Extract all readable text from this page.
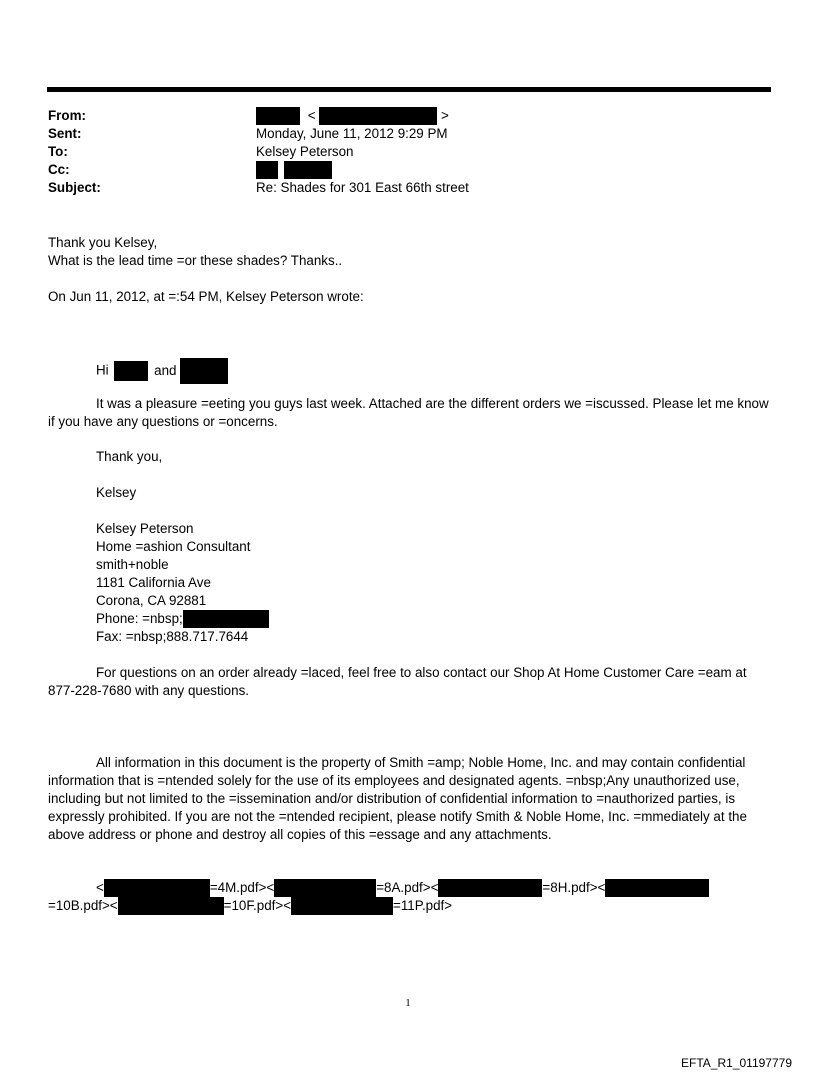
From:	<	>
Sent:	Monday, June 11, 2012 9:29 PM
To:	Kelsey Peterson
Cc:

Subject:	Re: Shades for 301 East 66th street
Thank you Kelsey,
What is the lead time =or these shades? Thanks..
On Jun 11, 2012, at =:54 PM, Kelsey Peterson wrote:
Hi	and
It was a pleasure =eeting you guys last week. Attached are the different orders we =iscussed. Please let me know if you have any questions or =oncerns.
Thank you,
Kelsey
Kelsey Peterson
Home =ashion Consultant
smith+noble
1181 California Ave
Corona, CA 92881
Phone: =nbsp;
Fax: =nbsp;888.717.7644
For questions on an order already =laced, feel free to also contact our Shop At Home Customer Care =eam at 877-228-7680 with any questions.
All information in this document is the property of Smith =amp; Noble Home, Inc. and may contain confidential information that is =ntended solely for the use of its employees and designated agents. =nbsp;Any unauthorized use, including but not limited to the =issemination and/or distribution of confidential information to =nauthorized parties, is expressly prohibited. If you are not the =ntended recipient, please notify Smith & Noble Home, Inc. =mmediately at the above address or phone and destroy all copies of this =essage and any attachments.
<	=4M.pdf><	=8A.pdf><	=8H.pdf><
=10B.pdf><	=10F.pdf><	=11P.pdf>
1
EFTA_R1_01197779
